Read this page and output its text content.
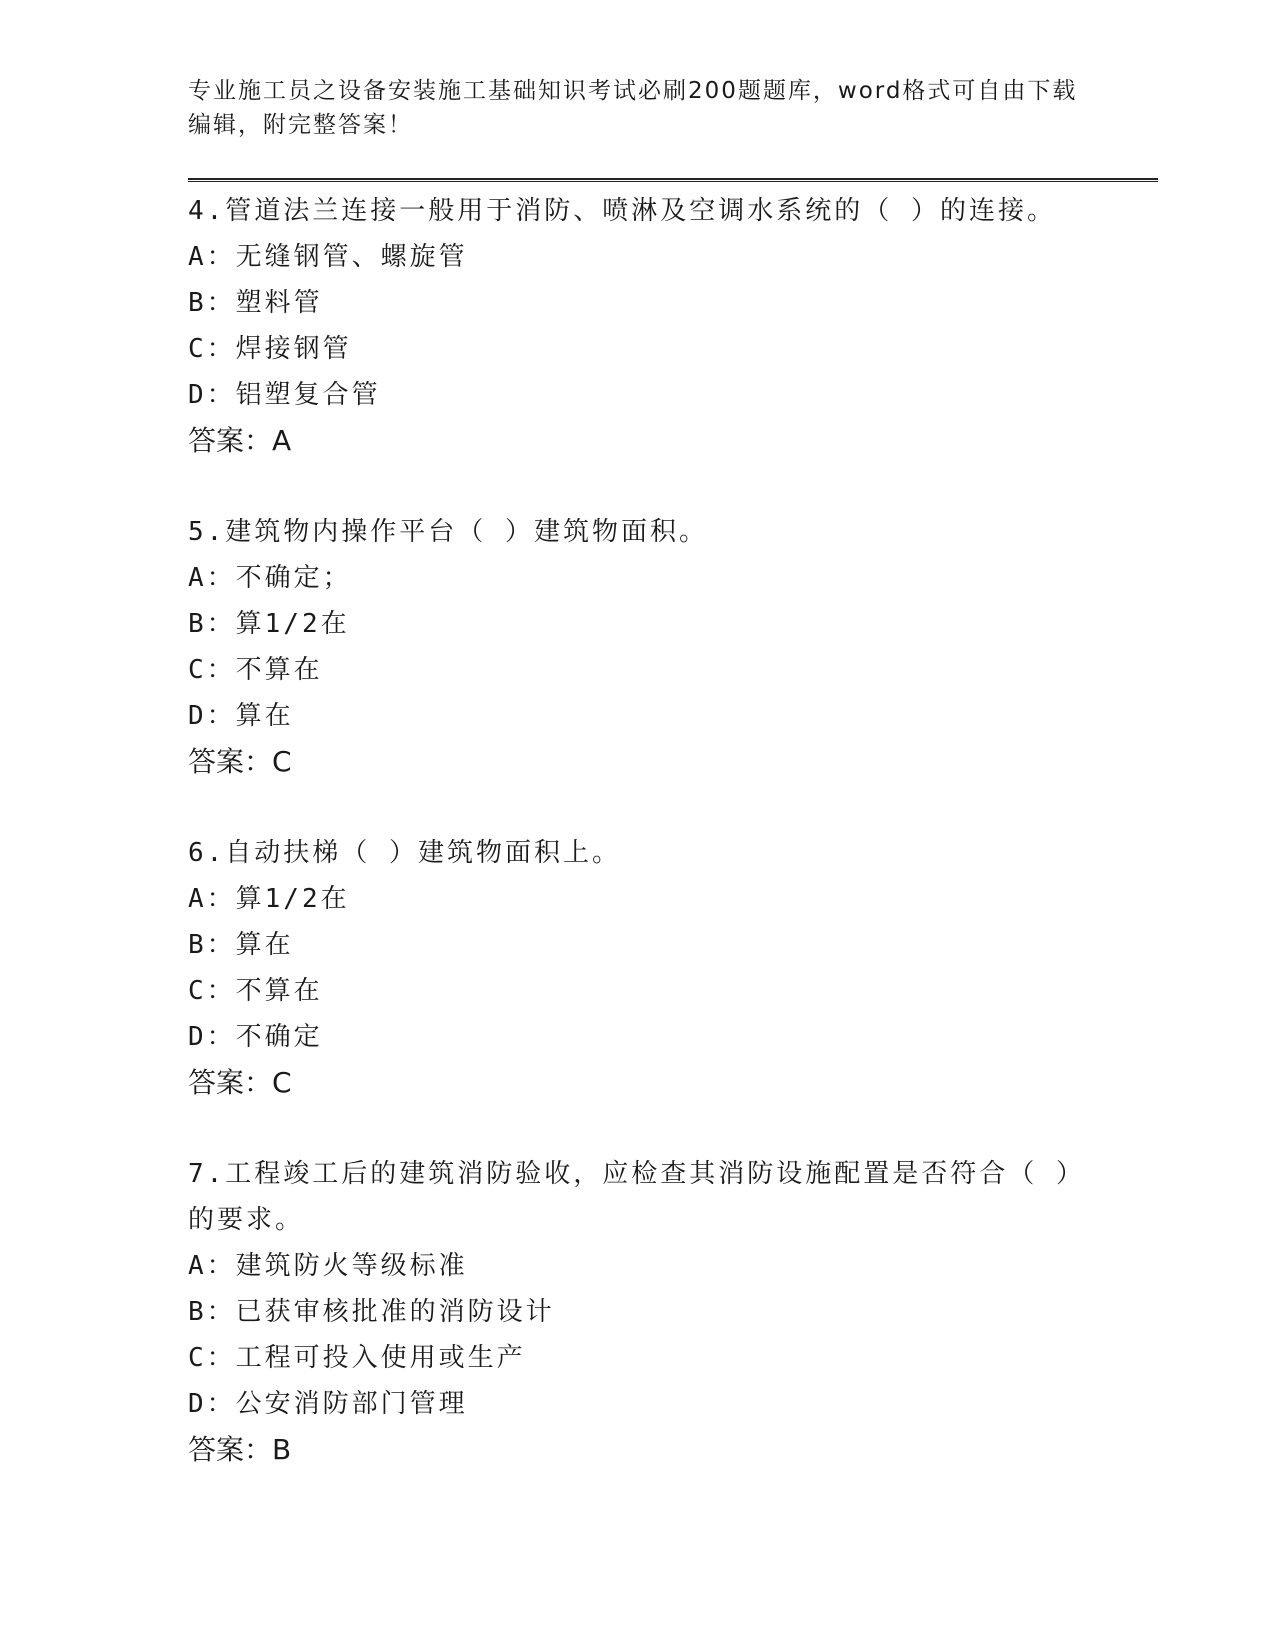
专业施工员之设备安装施工基础知识考试必刷200题题库，word格式可自由下载
编辑，附完整答案！

4.管道法兰连接一般用于消防、喷淋及空调水系统的（ ）的连接。

A：无缝钢管、螺旋管

B：塑料管

C：焊接钢管

D：铝塑复合管

答案：A

5.建筑物内操作平台（ ）建筑物面积。

A：不确定；

B：算1/2在

C：不算在

D：算在

答案：C

6.自动扶梯（ ）建筑物面积上。

A：算1/2在

B：算在

C：不算在

D：不确定

答案：C

7.工程竣工后的建筑消防验收，应检查其消防设施配置是否符合（ ）的要求。

A：建筑防火等级标准

B：已获审核批准的消防设计

C：工程可投入使用或生产

D：公安消防部门管理

答案：B
